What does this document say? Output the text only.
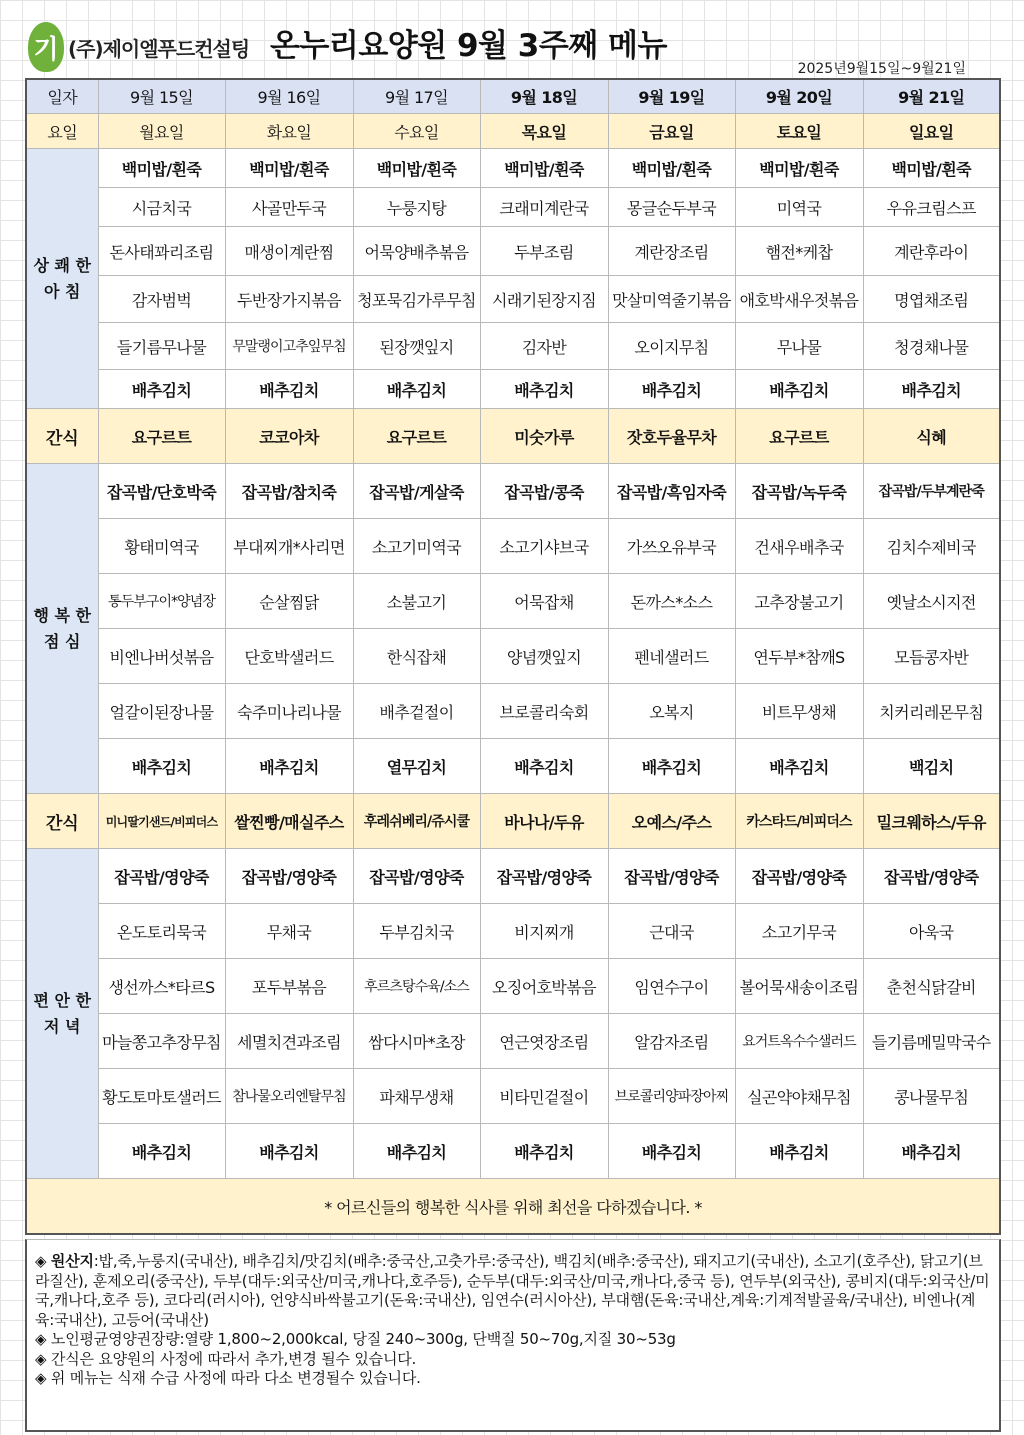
기 (주)제이엘푸드컨설팅 온누리요양원 9월 3주째 메뉴
2025년9월15일~9월21일
일자	9월 15일	9월 16일	9월 17일	9월 18일	9월 19일	9월 20일	9월 21일
요일	월요일	화요일	수요일	목요일	금요일	토요일	일요일
상 쾌 한 아 침	백미밥/흰죽	백미밥/흰죽	백미밥/흰죽	백미밥/흰죽	백미밥/흰죽	백미밥/흰죽	백미밥/흰죽
	시금치국	사골만두국	누룽지탕	크래미계란국	몽글순두부국	미역국	우유크림스프
	돈사태꽈리조림	매생이계란찜	어묵양배추볶음	두부조림	계란장조림	햄전*케찹	계란후라이
	감자범벅	두반장가지볶음	청포묵김가루무침	시래기된장지짐	맛살미역줄기볶음	애호박새우젓볶음	명엽채조림
	들기름무나물	무말랭이고추잎무침	된장깻잎지	김자반	오이지무침	무나물	청경채나물
	배추김치	배추김치	배추김치	배추김치	배추김치	배추김치	배추김치
간식	요구르트	코코아차	요구르트	미숫가루	잣호두율무차	요구르트	식혜
행 복 한 점 심	잡곡밥/단호박죽	잡곡밥/참치죽	잡곡밥/게살죽	잡곡밥/콩죽	잡곡밥/흑임자죽	잡곡밥/녹두죽	잡곡밥/두부계란죽
	황태미역국	부대찌개*사리면	소고기미역국	소고기샤브국	가쓰오유부국	건새우배추국	김치수제비국
	통두부구이*양념장	순살찜닭	소불고기	어묵잡채	돈까스*소스	고추장불고기	옛날소시지전
	비엔나버섯볶음	단호박샐러드	한식잡채	양념깻잎지	펜네샐러드	연두부*참깨S	모듬콩자반
	얼갈이된장나물	숙주미나리나물	배추겉절이	브로콜리숙회	오복지	비트무생채	치커리레몬무침
	배추김치	배추김치	열무김치	배추김치	배추김치	배추김치	백김치
간식	미니딸기샌드/비피더스	쌀찐빵/매실주스	후레쉬베리/쥬시쿨	바나나/두유	오예스/주스	카스타드/비피더스	밀크웨하스/두유
편 안 한 저 녁	잡곡밥/영양죽	잡곡밥/영양죽	잡곡밥/영양죽	잡곡밥/영양죽	잡곡밥/영양죽	잡곡밥/영양죽	잡곡밥/영양죽
	온도토리묵국	무채국	두부김치국	비지찌개	근대국	소고기무국	아욱국
	생선까스*타르S	포두부볶음	후르츠탕수육/소스	오징어호박볶음	임연수구이	볼어묵새송이조림	춘천식닭갈비
	마늘쫑고추장무침	세멸치견과조림	쌈다시마*초장	연근엿장조림	알감자조림	요거트옥수수샐러드	들기름메밀막국수
	황도토마토샐러드	참나물오리엔탈무침	파채무생채	비타민겉절이	브로콜리양파장아찌	실곤약야채무침	콩나물무침
	배추김치	배추김치	배추김치	배추김치	배추김치	배추김치	배추김치
* 어르신들의 행복한 식사를 위해 최선을 다하겠습니다. *							

◈ 원산지:밥,죽,누룽지(국내산), 배추김치/맛김치(배추:중국산,고춧가루:중국산), 백김치(배추:중국산), 돼지고기(국내산), 소고기(호주산), 닭고기(브라질산), 훈제오리(중국산), 두부(대두:외국산/미국,캐나다,호주등), 순두부(대두:외국산/미국,캐나다,중국 등), 연두부(외국산), 콩비지(대두:외국산/미국,캐나다,호주 등), 코다리(러시아), 언양식바싹불고기(돈육:국내산), 임연수(러시아산), 부대햄(돈육:국내산,계육:기계적발골육/국내산), 비엔나(계육:국내산), 고등어(국내산)

◈ 노인평균영양권장량:열량 1,800~2,000kcal, 당질 240~300g, 단백질 50~70g,지질 30~53g

◈ 간식은 요양원의 사정에 따라서 추가,변경 될수 있습니다.

◈ 위 메뉴는 식재 수급 사정에 따라 다소 변경될수 있습니다.
